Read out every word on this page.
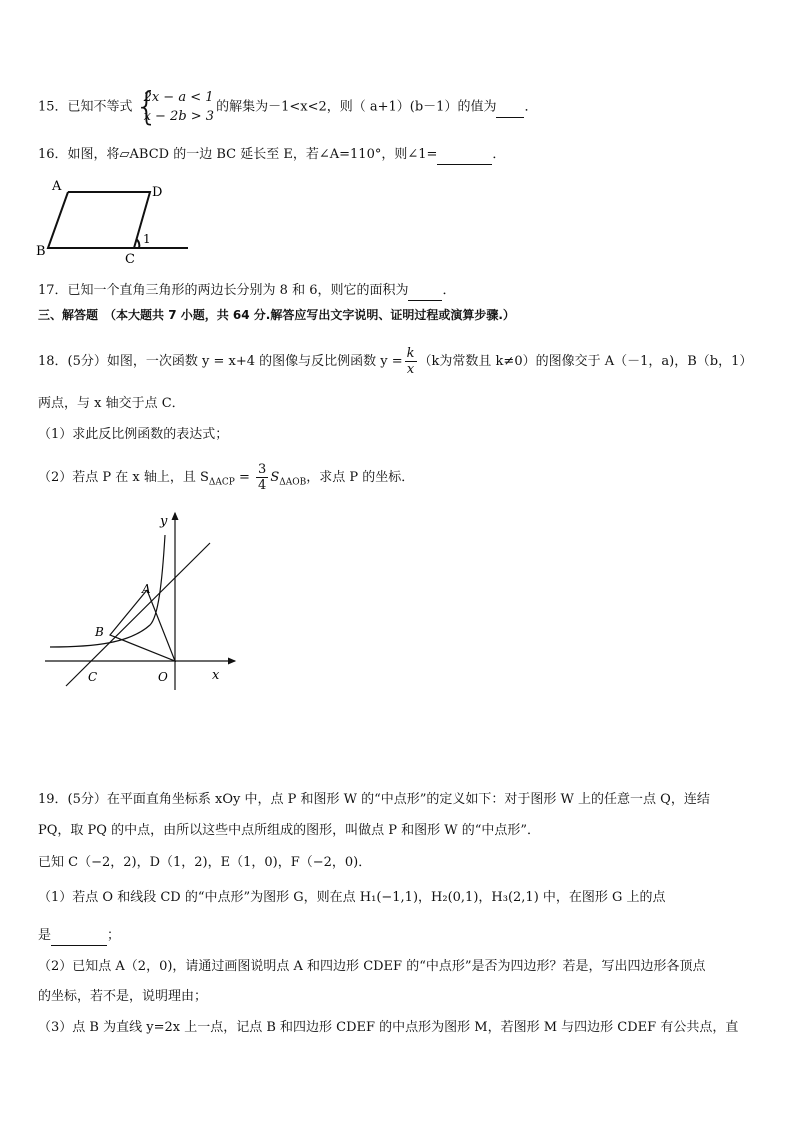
15．已知不等式 {
2x − a < 1
x − 2b > 3
的解集为－1<x<2，则（ a+1）(b－1）的值为 ．
16．如图，将▱ABCD 的一边 BC 延长至 E，若∠A=110°，则∠1=	．
A	D
B
C
1
17．已知一个直角三角形的两边长分别为 8 和 6，则它的面积为	．
三、解答题 （本大题共 7 小题，共 64 分.解答应写出文字说明、证明过程或演算步骤.）
18．(5分）如图，一次函数 y = x+4 的图像与反比例函数 $y = \frac{k}{x} (k$为常数且 k≠0）的图像交于 A（－1，a)，B（b，1）
两点，与 x 轴交于点 C．
（1）求此反比例函数的表达式；
（2）若点 P 在 x 轴上，且 $S_{\Delta ACP} = \frac{3}{4} S_{\Delta AOB}$，求点 P 的坐标．
y
x
A
B
C	O
19．(5分）在平面直角坐标系 xOy 中，点 P 和图形 W 的“中点形”的定义如下：对于图形 W 上的任意一点 Q，连结
PQ，取 PQ 的中点，由所以这些中点所组成的图形，叫做点 P 和图形 W 的“中点形”．
已知 C（−2，2)，D（1，2)，E（1，0)，F（−2，0)．
（1）若点 O 和线段 CD 的“中点形”为图形 G，则在点 H₁(−1,1)，H₂(0,1)，H₃(2,1) 中，在图形 G 上的点
是	；
（2）已知点 A（2，0)，请通过画图说明点 A 和四边形 CDEF 的“中点形”是否为四边形？若是，写出四边形各顶点
的坐标，若不是，说明理由；
（3）点 B 为直线 y=2x 上一点，记点 B 和四边形 CDEF 的中点形为图形 M，若图形 M 与四边形 CDEF 有公共点，直
